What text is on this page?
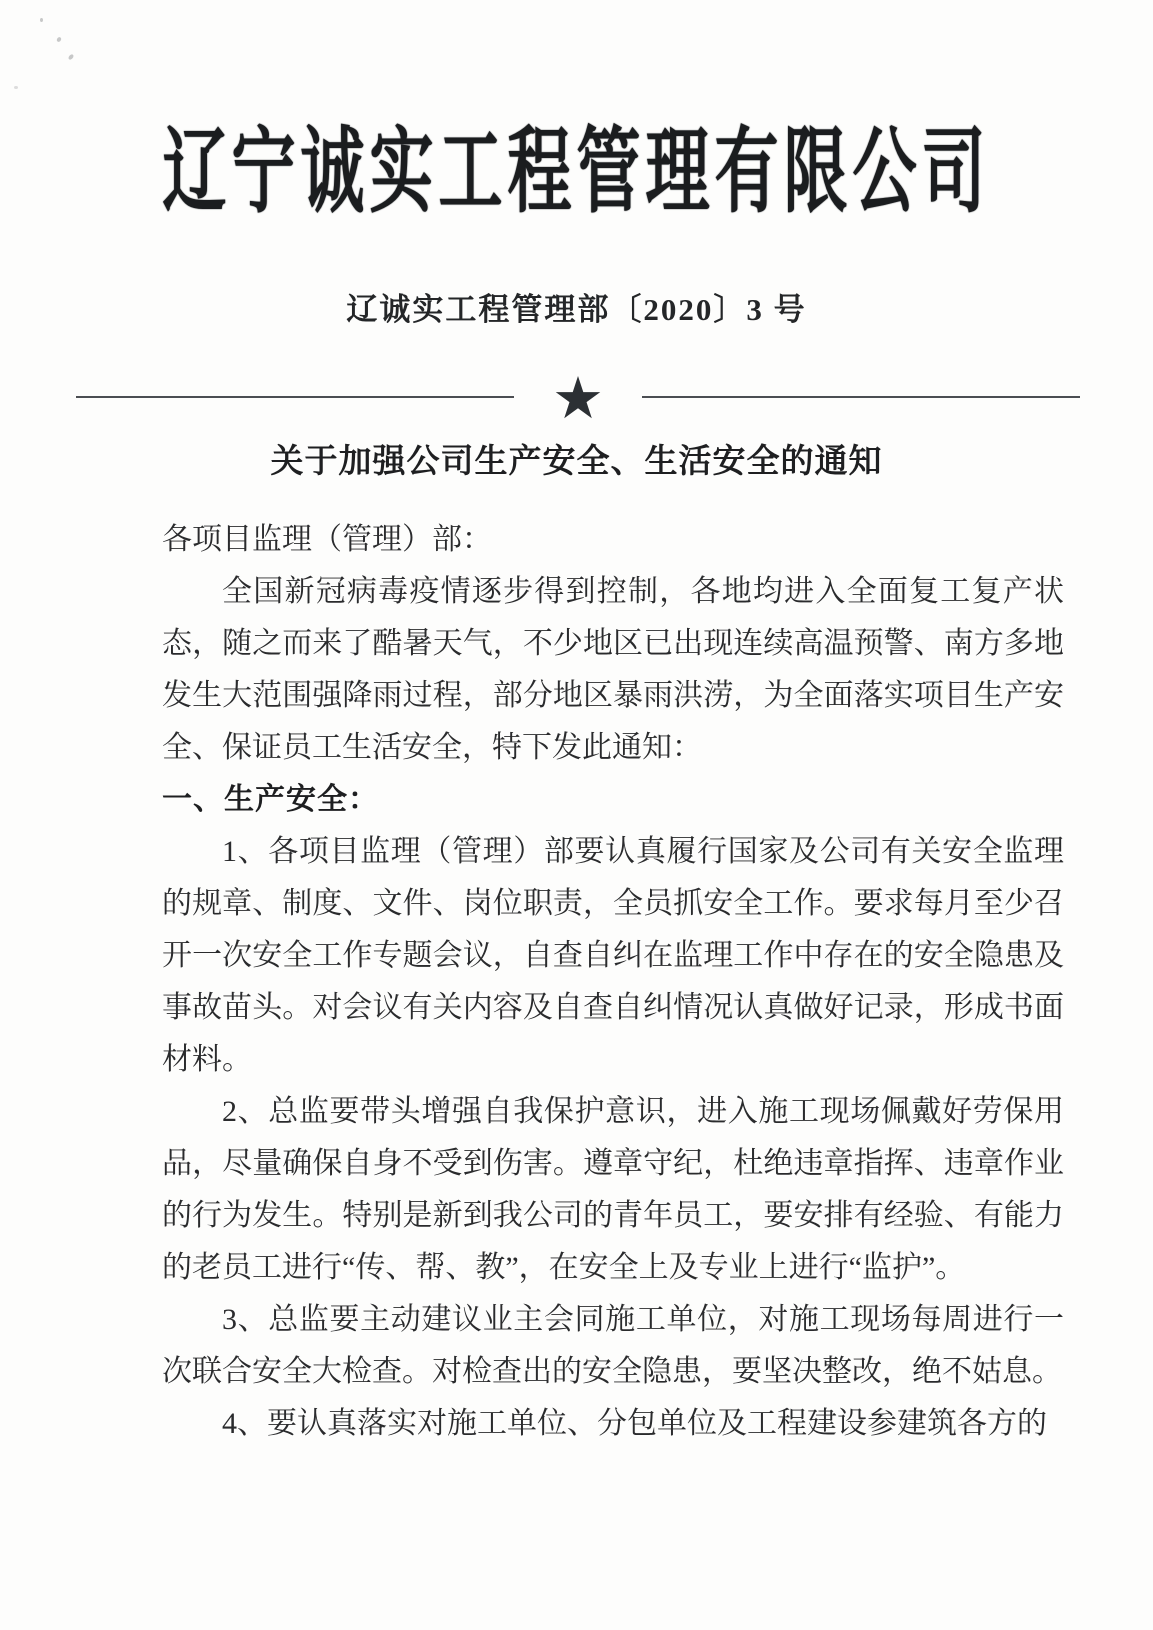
辽宁诚实工程管理有限公司
辽诚实工程管理部〔2020〕3 号
★
关于加强公司生产安全、生活安全的通知

各项目监理（管理）部：

全国新冠病毒疫情逐步得到控制，各地均进入全面复工复产状态，随之而来了酷暑天气，不少地区已出现连续高温预警、南方多地发生大范围强降雨过程，部分地区暴雨洪涝，为全面落实项目生产安全、保证员工生活安全，特下发此通知：

一、生产安全：

1、各项目监理（管理）部要认真履行国家及公司有关安全监理的规章、制度、文件、岗位职责，全员抓安全工作。要求每月至少召开一次安全工作专题会议，自查自纠在监理工作中存在的安全隐患及事故苗头。对会议有关内容及自查自纠情况认真做好记录，形成书面材料。

2、总监要带头增强自我保护意识，进入施工现场佩戴好劳保用品，尽量确保自身不受到伤害。遵章守纪，杜绝违章指挥、违章作业的行为发生。特别是新到我公司的青年员工，要安排有经验、有能力的老员工进行“传、帮、教”，在安全上及专业上进行“监护”。

3、总监要主动建议业主会同施工单位，对施工现场每周进行一次联合安全大检查。对检查出的安全隐患，要坚决整改，绝不姑息。

4、要认真落实对施工单位、分包单位及工程建设参建筑各方的
